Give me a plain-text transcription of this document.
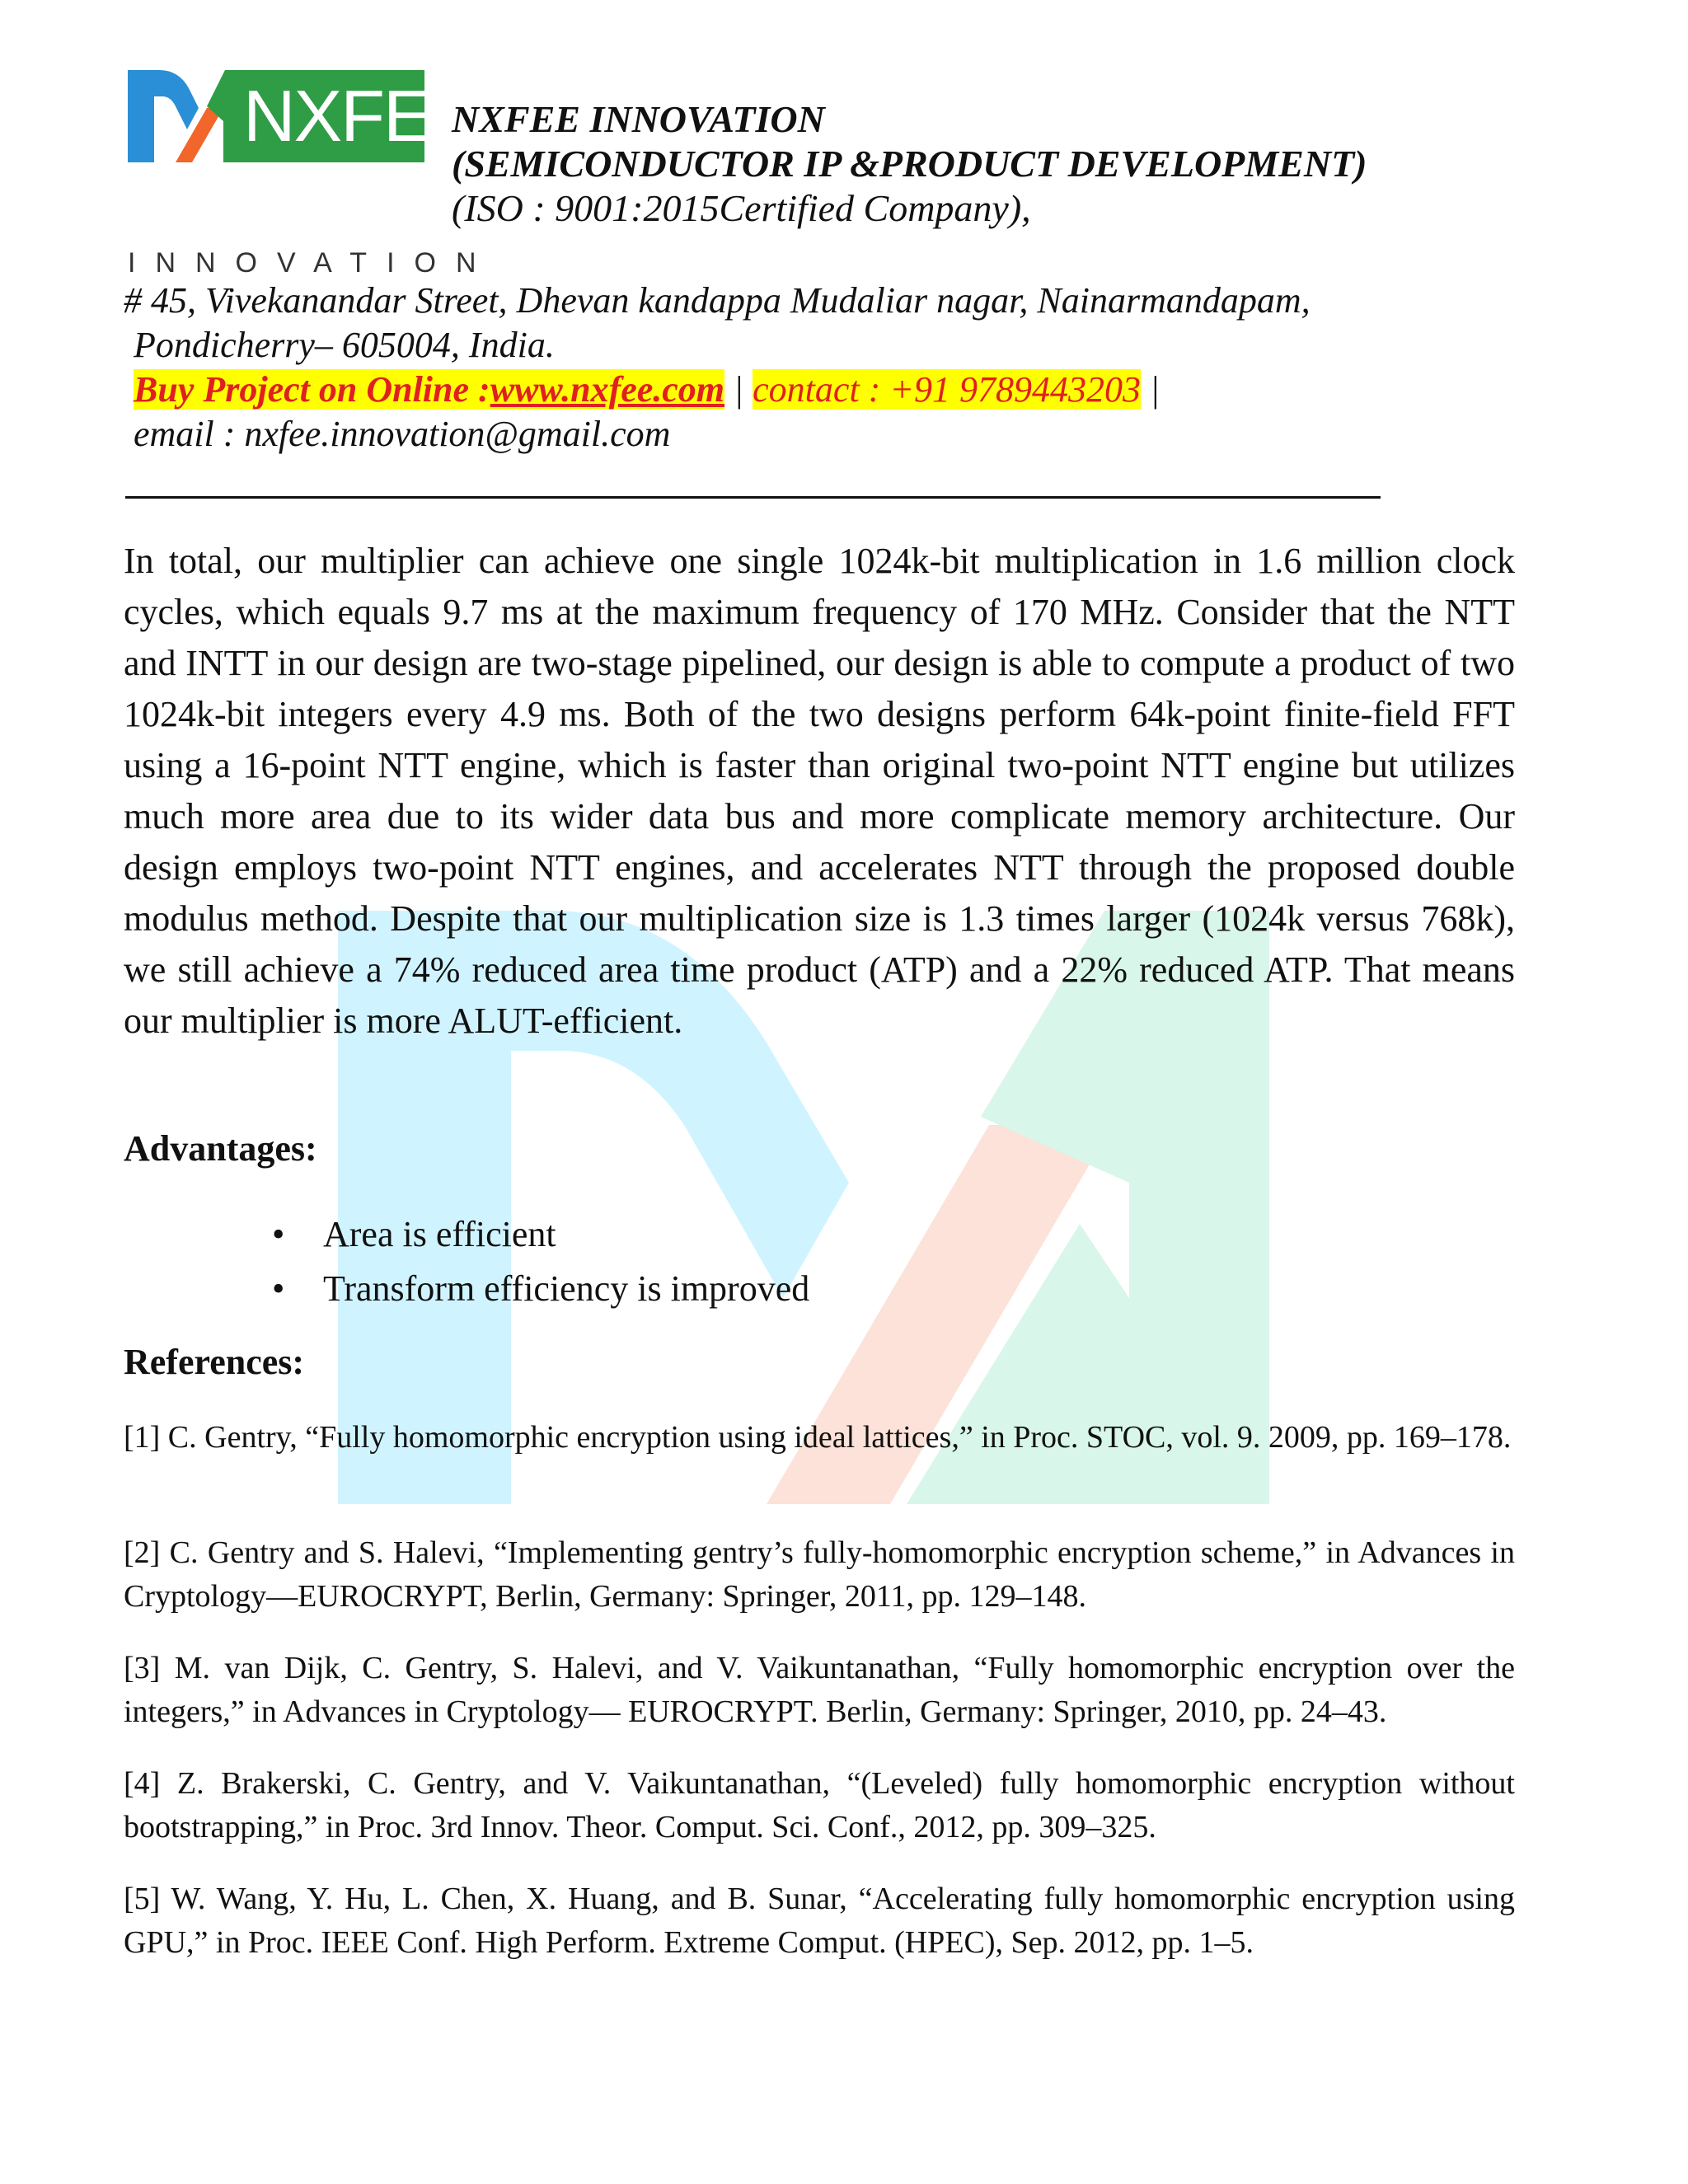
NXFEE
INNOVATION
NXFEE INNOVATION
(SEMICONDUCTOR IP &PRODUCT DEVELOPMENT)
(ISO : 9001:2015Certified Company),
# 45, Vivekanandar Street, Dhevan kandappa Mudaliar nagar, Nainarmandapam,
Pondicherry– 605004, India.
Buy Project on Online :www.nxfee.com | contact : +91 9789443203 |
email : nxfee.innovation@gmail.com
In total, our multiplier can achieve one single 1024k-bit multiplication in 1.6 million clock cycles, which equals 9.7 ms at the maximum frequency of 170 MHz. Consider that the NTT and INTT in our design are two-stage pipelined, our design is able to compute a product of two 1024k-bit integers every 4.9 ms. Both of the two designs perform 64k-point finite-field FFT using a 16-point NTT engine, which is faster than original two-point NTT engine but utilizes much more area due to its wider data bus and more complicate memory architecture. Our design employs two-point NTT engines, and accelerates NTT through the proposed double modulus method. Despite that our multiplication size is 1.3 times larger (1024k versus 768k), we still achieve a 74% reduced area time product (ATP) and a 22% reduced ATP. That means our multiplier is more ALUT-efficient.
Advantages:
• Area is efficient
• Transform efficiency is improved
References:
[1] C. Gentry, “Fully homomorphic encryption using ideal lattices,” in Proc. STOC, vol. 9. 2009, pp. 169–178.
[2] C. Gentry and S. Halevi, “Implementing gentry’s fully-homomorphic encryption scheme,” in Advances in Cryptology—EUROCRYPT, Berlin, Germany: Springer, 2011, pp. 129–148.
[3] M. van Dijk, C. Gentry, S. Halevi, and V. Vaikuntanathan, “Fully homomorphic encryption over the integers,” in Advances in Cryptology— EUROCRYPT. Berlin, Germany: Springer, 2010, pp. 24–43.
[4] Z. Brakerski, C. Gentry, and V. Vaikuntanathan, “(Leveled) fully homomorphic encryption without bootstrapping,” in Proc. 3rd Innov. Theor. Comput. Sci. Conf., 2012, pp. 309–325.
[5] W. Wang, Y. Hu, L. Chen, X. Huang, and B. Sunar, “Accelerating fully homomorphic encryption using GPU,” in Proc. IEEE Conf. High Perform. Extreme Comput. (HPEC), Sep. 2012, pp. 1–5.
